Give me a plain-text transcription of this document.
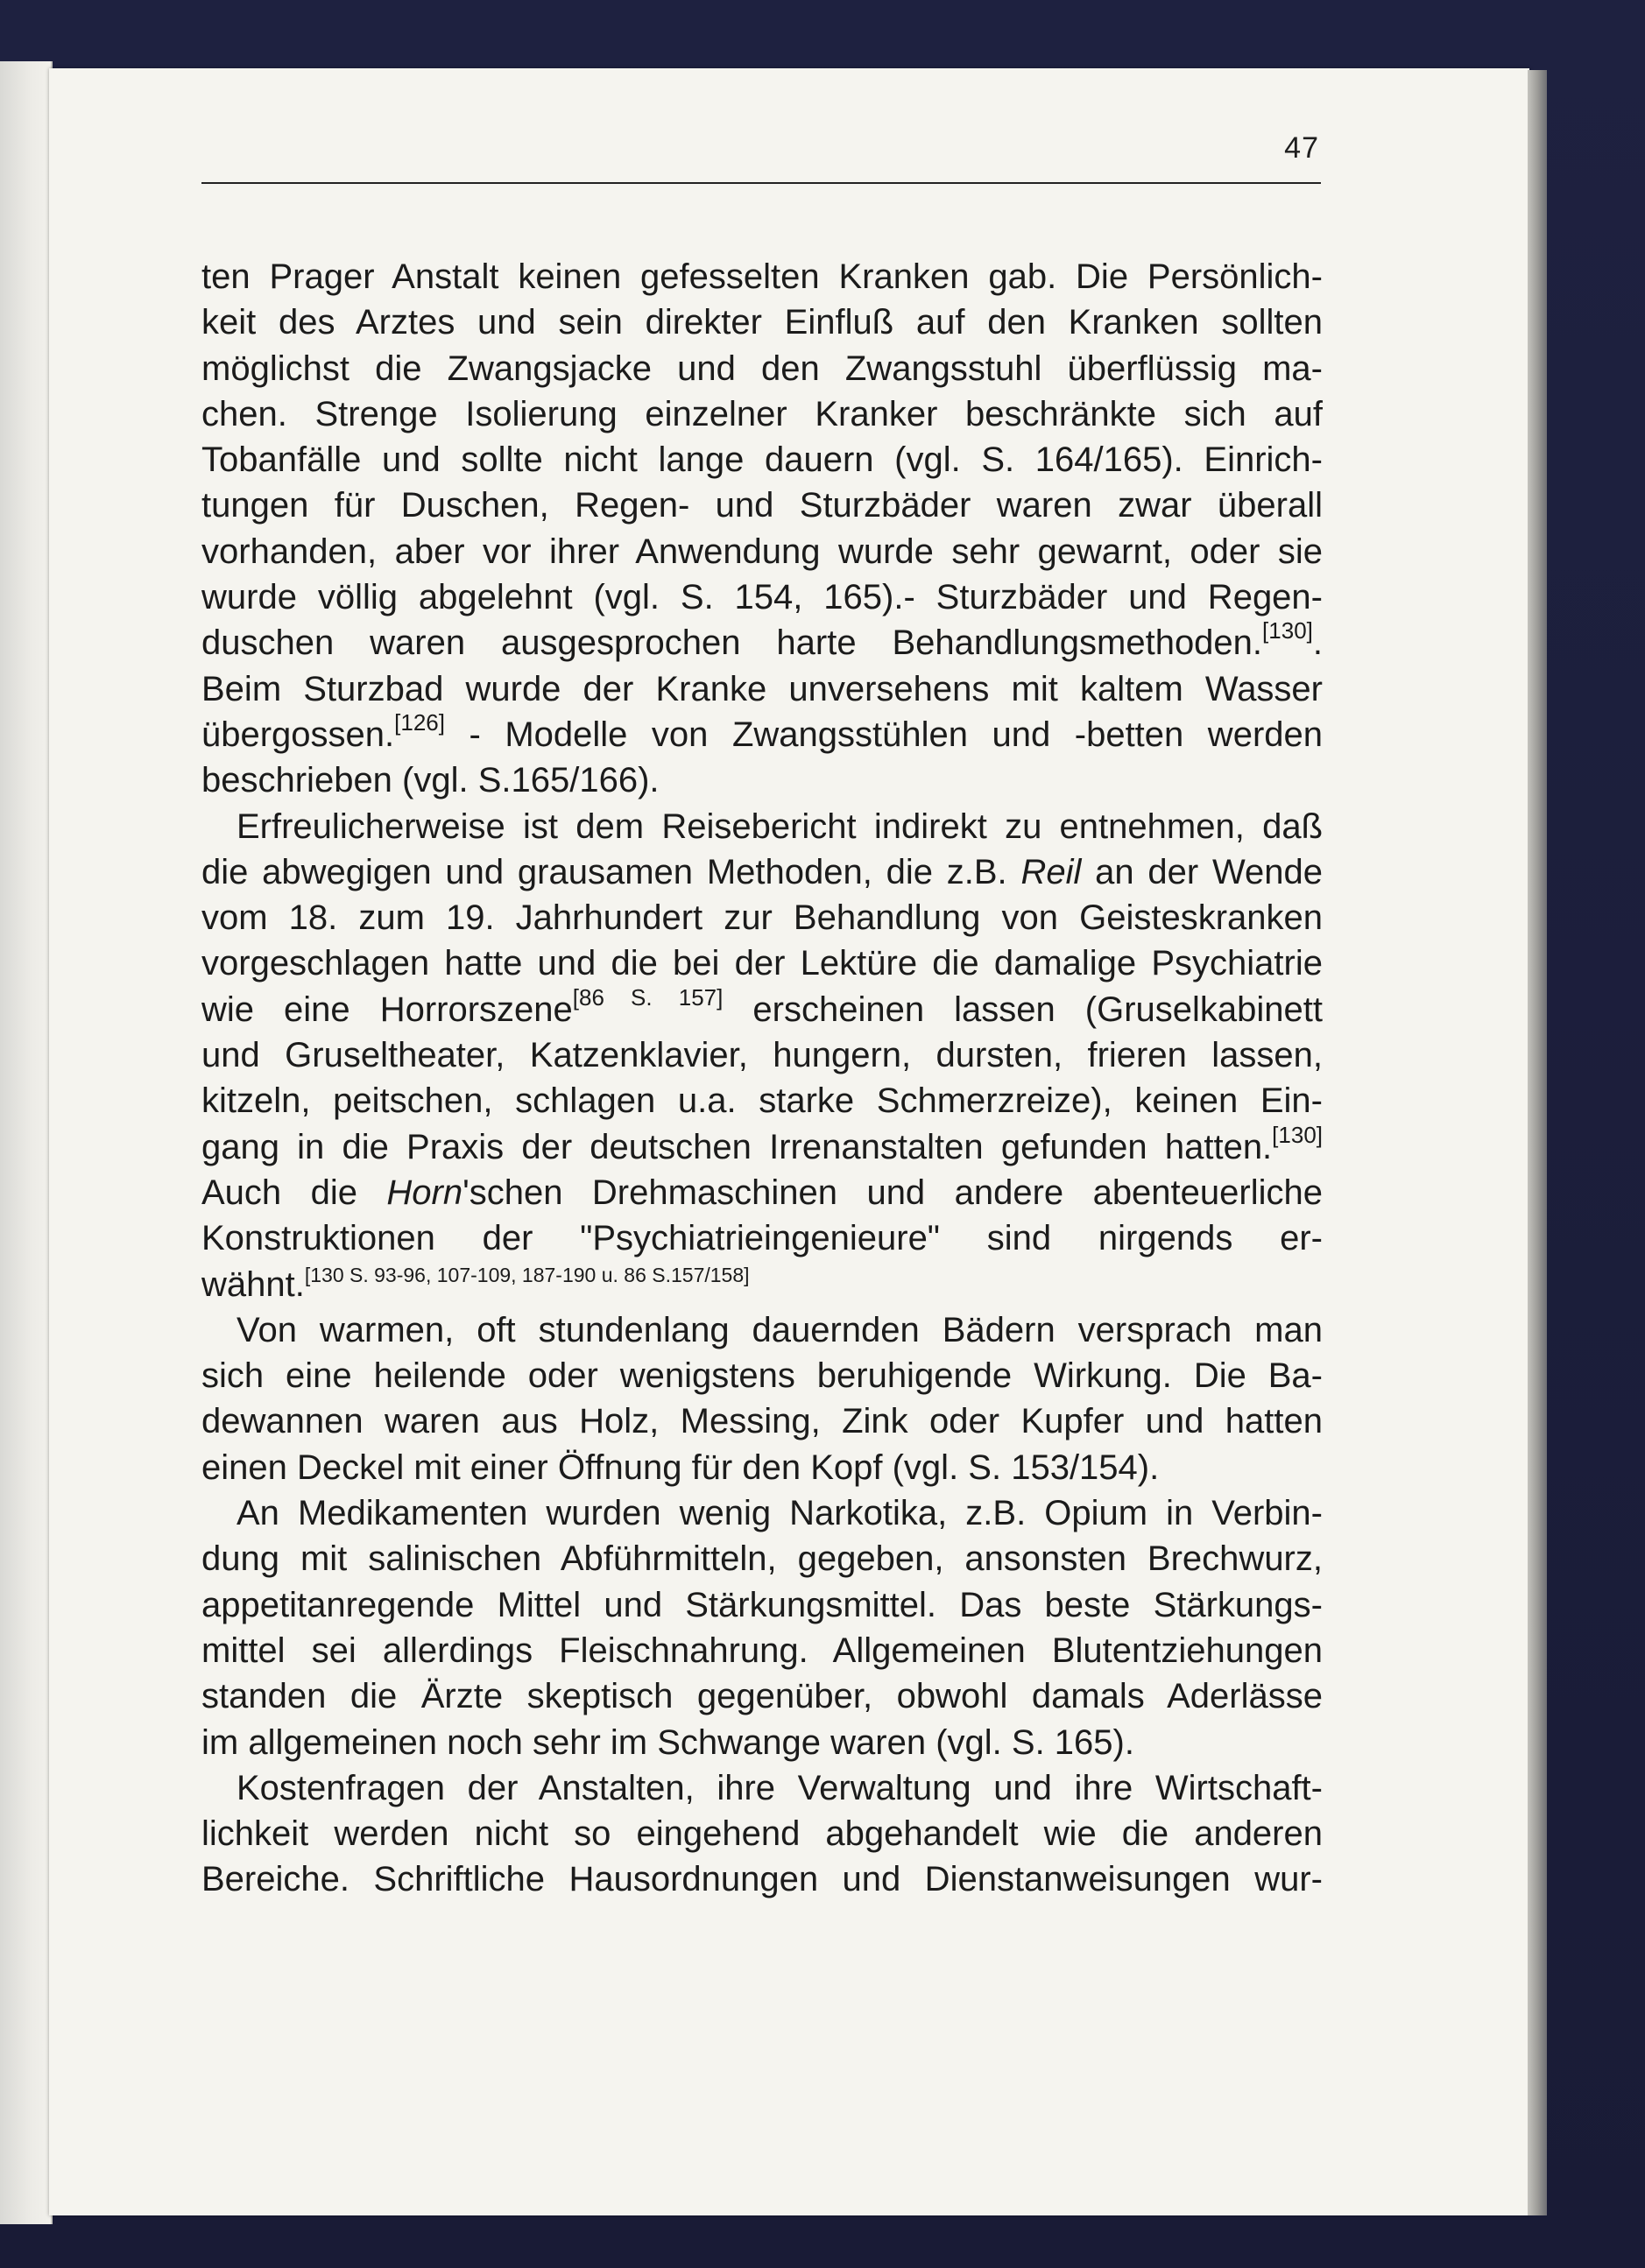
47
ten Prager Anstalt keinen gefesselten Kranken gab. Die Persönlich-
keit des Arztes und sein direkter Einfluß auf den Kranken sollten
möglichst die Zwangsjacke und den Zwangsstuhl überflüssig ma-
chen. Strenge Isolierung einzelner Kranker beschränkte sich auf
Tobanfälle und sollte nicht lange dauern (vgl. S. 164/165). Einrich-
tungen für Duschen, Regen- und Sturzbäder waren zwar überall
vorhanden, aber vor ihrer Anwendung wurde sehr gewarnt, oder sie
wurde völlig abgelehnt (vgl. S. 154, 165).- Sturzbäder und Regen-
duschen waren ausgesprochen harte Behandlungsmethoden.[130].
Beim Sturzbad wurde der Kranke unversehens mit kaltem Wasser
übergossen.[126] - Modelle von Zwangsstühlen und -betten werden
beschrieben (vgl. S.165/166).
Erfreulicherweise ist dem Reisebericht indirekt zu entnehmen, daß
die abwegigen und grausamen Methoden, die z.B. Reil an der Wende
vom 18. zum 19. Jahrhundert zur Behandlung von Geisteskranken
vorgeschlagen hatte und die bei der Lektüre die damalige Psychiatrie
wie eine Horrorszene[86 S. 157] erscheinen lassen (Gruselkabinett
und Gruseltheater, Katzenklavier, hungern, dursten, frieren lassen,
kitzeln, peitschen, schlagen u.a. starke Schmerzreize), keinen Ein-
gang in die Praxis der deutschen Irrenanstalten gefunden hatten.[130]
Auch die Horn'schen Drehmaschinen und andere abenteuerliche
Konstruktionen der "Psychiatrieingenieure" sind nirgends er-
wähnt.[130 S. 93-96, 107-109, 187-190 u. 86 S.157/158]
Von warmen, oft stundenlang dauernden Bädern versprach man
sich eine heilende oder wenigstens beruhigende Wirkung. Die Ba-
dewannen waren aus Holz, Messing, Zink oder Kupfer und hatten
einen Deckel mit einer Öffnung für den Kopf (vgl. S. 153/154).
An Medikamenten wurden wenig Narkotika, z.B. Opium in Verbin-
dung mit salinischen Abführmitteln, gegeben, ansonsten Brechwurz,
appetitanregende Mittel und Stärkungsmittel. Das beste Stärkungs-
mittel sei allerdings Fleischnahrung. Allgemeinen Blutentziehungen
standen die Ärzte skeptisch gegenüber, obwohl damals Aderlässe
im allgemeinen noch sehr im Schwange waren (vgl. S. 165).
Kostenfragen der Anstalten, ihre Verwaltung und ihre Wirtschaft-
lichkeit werden nicht so eingehend abgehandelt wie die anderen
Bereiche. Schriftliche Hausordnungen und Dienstanweisungen wur-
